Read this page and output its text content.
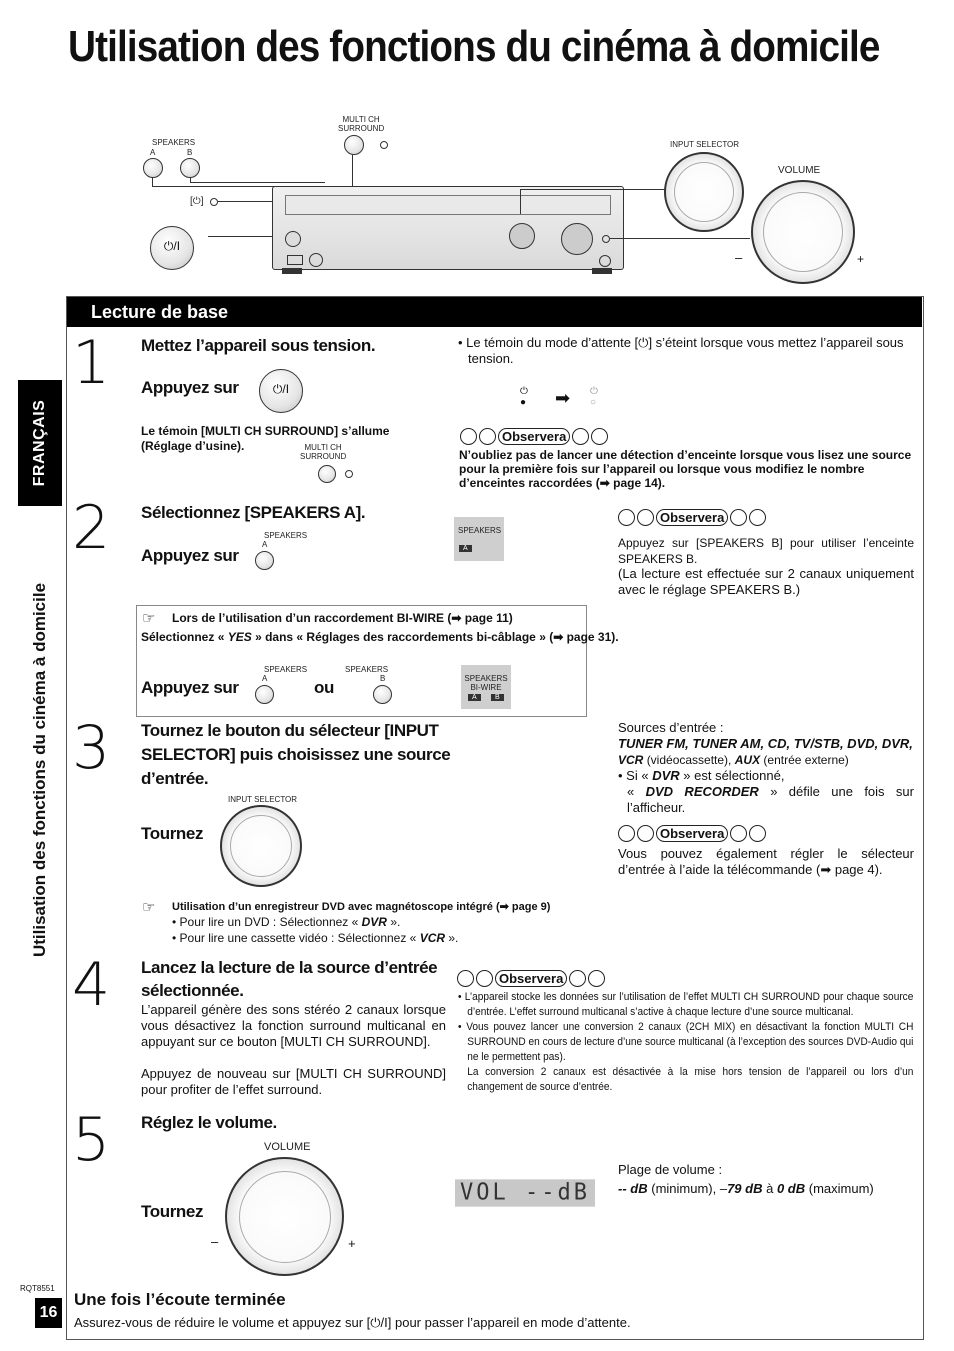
Utilisation des fonctions du cinéma à domicile
SPEAKERS
A	B
MULTI CH
SURROUND
[⏻]
⏻/I
INPUT SELECTOR
VOLUME
–	+
FRANÇAIS
Utilisation des fonctions du cinéma à domicile
Lecture de base
1 Mettez l’appareil sous tension.
Appuyez sur	⏻/I
Le témoin [MULTI CH SURROUND] s’allume (Réglage d’usine).	MULTI CH
SURROUND
• Le témoin du mode d’attente [⏻] s’éteint lorsque vous mettez l’appareil sous tension.
⏻
● ➡ ⏻
○
Observera
N’oubliez pas de lancer une détection d’enceinte lorsque vous lisez une source pour la première fois sur l’appareil ou lorsque vous modifiez le nombre d’enceintes raccordées (➡ page 14).
2 Sélectionnez [SPEAKERS A].
Appuyez sur
SPEAKERS
A
SPEAKERS
A
Observera
Appuyez sur [SPEAKERS B] pour utiliser l’enceinte SPEAKERS B.
(La lecture est effectuée sur 2 canaux uniquement avec le réglage SPEAKERS B.)
☞ Lors de l’utilisation d’un raccordement BI-WIRE (➡ page 11)
Sélectionnez « YES » dans « Réglages des raccordements bi-câblage » (➡ page 31).
Appuyez sur
SPEAKERS
A	ou
SPEAKERS
B	SPEAKERS
BI-WIRE
A	B
3 Tournez le bouton du sélecteur [INPUT SELECTOR] puis choisissez une source d’entrée.
Tournez
INPUT SELECTOR
Sources d’entrée :
TUNER FM, TUNER AM, CD, TV/STB, DVD, DVR,
VCR (vidéocassette), AUX (entrée externe)
• Si « DVR » est sélectionné,
« DVD RECORDER » défile une fois sur l’afficheur.
Observera
Vous pouvez également régler le sélecteur d’entrée à l’aide la télécommande (➡ page 4).
☞ Utilisation d’un enregistreur DVD avec magnétoscope intégré (➡ page 9)
• Pour lire un DVD : Sélectionnez « DVR ».
• Pour lire une cassette vidéo : Sélectionnez « VCR ».
4 Lancez la lecture de la source d’entrée sélectionnée.
L’appareil génère des sons stéréo 2 canaux lorsque vous désactivez la fonction surround multicanal en appuyant sur ce bouton [MULTI CH SURROUND].
Appuyez de nouveau sur [MULTI CH SURROUND] pour profiter de l’effet surround.
Observera
• L’appareil stocke les données sur l’utilisation de l’effet MULTI CH SURROUND pour chaque source d’entrée. L’effet surround multicanal s’active à chaque lecture d’une source multicanal.
• Vous pouvez lancer une conversion 2 canaux (2CH MIX) en désactivant la fonction MULTI CH SURROUND en cours de lecture d’une source multicanal (à l’exception des sources DVD-Audio qui ne le permettent pas).
La conversion 2 canaux est désactivée à la mise hors tension de l’appareil ou lors d’un changement de source d’entrée.
5 Réglez le volume.
Tournez
VOLUME
–	+
VOL --dB
Plage de volume :
-- dB (minimum), –79 dB à 0 dB (maximum)
Une fois l’écoute terminée
Assurez-vous de réduire le volume et appuyez sur [⏻/I] pour passer l’appareil en mode d’attente.
RQT8551
16
